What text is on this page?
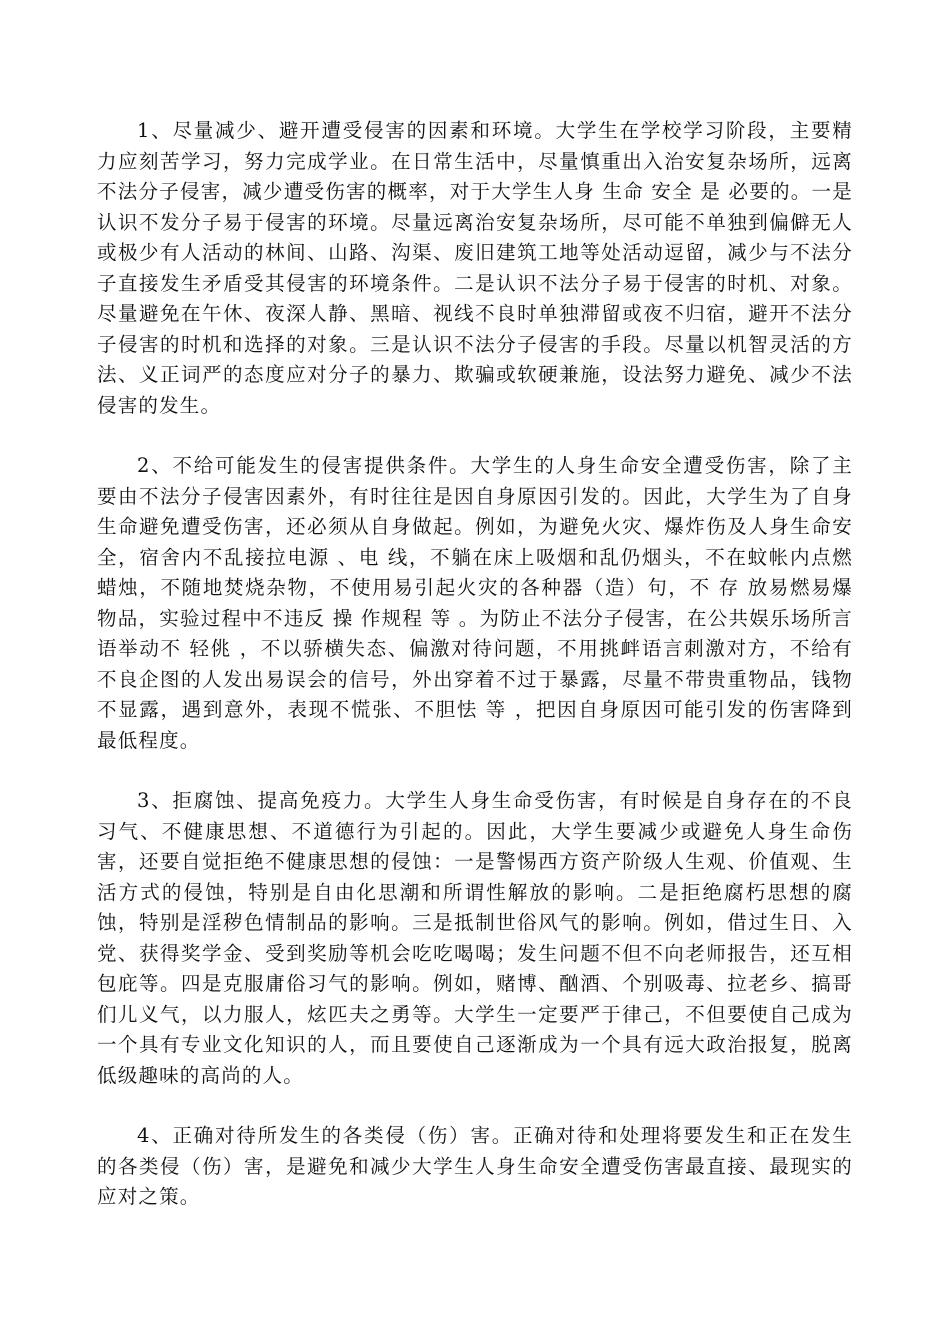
1、尽量减少、避开遭受侵害的因素和环境。大学生在学校学习阶段，主要精力应刻苦学习，努力完成学业。在日常生活中，尽量慎重出入治安复杂场所，远离不法分子侵害，减少遭受伤害的概率，对于大学生人身 生命 安全 是 必要的。一是认识不发分子易于侵害的环境。尽量远离治安复杂场所，尽可能不单独到偏僻无人或极少有人活动的林间、山路、沟渠、废旧建筑工地等处活动逗留，减少与不法分子直接发生矛盾受其侵害的环境条件。二是认识不法分子易于侵害的时机、对象。尽量避免在午休、夜深人静、黑暗、视线不良时单独滞留或夜不归宿，避开不法分子侵害的时机和选择的对象。三是认识不法分子侵害的手段。尽量以机智灵活的方法、义正词严的态度应对分子的暴力、欺骗或软硬兼施，设法努力避免、减少不法侵害的发生。

2、不给可能发生的侵害提供条件。大学生的人身生命安全遭受伤害，除了主要由不法分子侵害因素外，有时往往是因自身原因引发的。因此，大学生为了自身生命避免遭受伤害，还必须从自身做起。例如，为避免火灾、爆炸伤及人身生命安全，宿舍内不乱接拉电源 、电 线，不躺在床上吸烟和乱仍烟头，不在蚊帐内点燃蜡烛，不随地焚烧杂物，不使用易引起火灾的各种器（造）句，不 存 放易燃易爆物品，实验过程中不违反 操 作规程 等 。为防止不法分子侵害，在公共娱乐场所言语举动不 轻佻 ，不以骄横失态、偏激对待问题，不用挑衅语言刺激对方，不给有不良企图的人发出易误会的信号，外出穿着不过于暴露，尽量不带贵重物品，钱物不显露，遇到意外，表现不慌张、不胆怯 等 ，把因自身原因可能引发的伤害降到最低程度。

3、拒腐蚀、提高免疫力。大学生人身生命受伤害，有时候是自身存在的不良习气、不健康思想、不道德行为引起的。因此，大学生要减少或避免人身生命伤害，还要自觉拒绝不健康思想的侵蚀：一是警惕西方资产阶级人生观、价值观、生活方式的侵蚀，特别是自由化思潮和所谓性解放的影响。二是拒绝腐朽思想的腐蚀，特别是淫秽色情制品的影响。三是抵制世俗风气的影响。例如，借过生日、入党、获得奖学金、受到奖励等机会吃吃喝喝；发生问题不但不向老师报告，还互相包庇等。四是克服庸俗习气的影响。例如，赌博、酗酒、个别吸毒、拉老乡、搞哥们儿义气，以力服人，炫匹夫之勇等。大学生一定要严于律己，不但要使自己成为一个具有专业文化知识的人，而且要使自己逐渐成为一个具有远大政治报复，脱离低级趣味的高尚的人。

4、正确对待所发生的各类侵（伤）害。正确对待和处理将要发生和正在发生的各类侵（伤）害，是避免和减少大学生人身生命安全遭受伤害最直接、最现实的应对之策。
